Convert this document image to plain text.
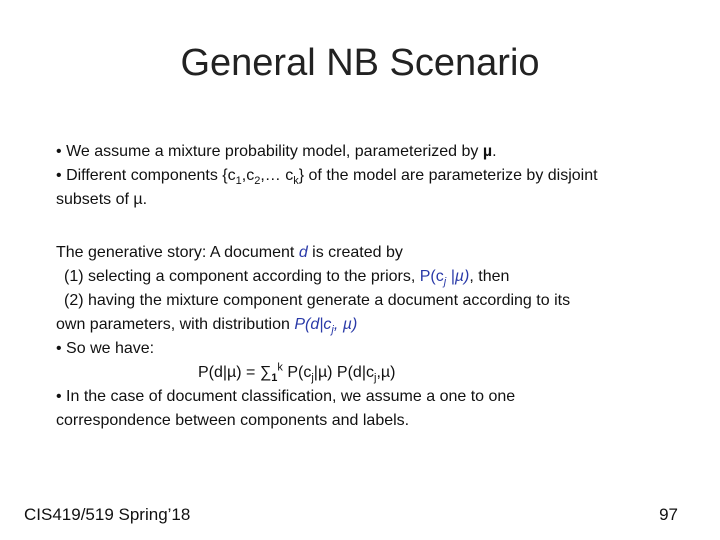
General NB Scenario
• We assume a mixture probability model, parameterized by µ.
• Different components {$c_1,c_2,\dots$ $c_k$} of the model are parameterize by disjoint
subsets of µ.
The generative story: A document d is created by
(1) selecting a component according to the priors, $P(c_j$ |µ), then
(2) having the mixture component generate a document according to its
own parameters, with distribution $P(d|c_j$, µ)
• So we have:
$P(d|\mu) = \sum_1^k$ $P(c_j|\mu)$ $P(d|c_j,\mu)$
• In the case of document classification, we assume a one to one
correspondence between components and labels.
CIS419/519 Spring’18	97
